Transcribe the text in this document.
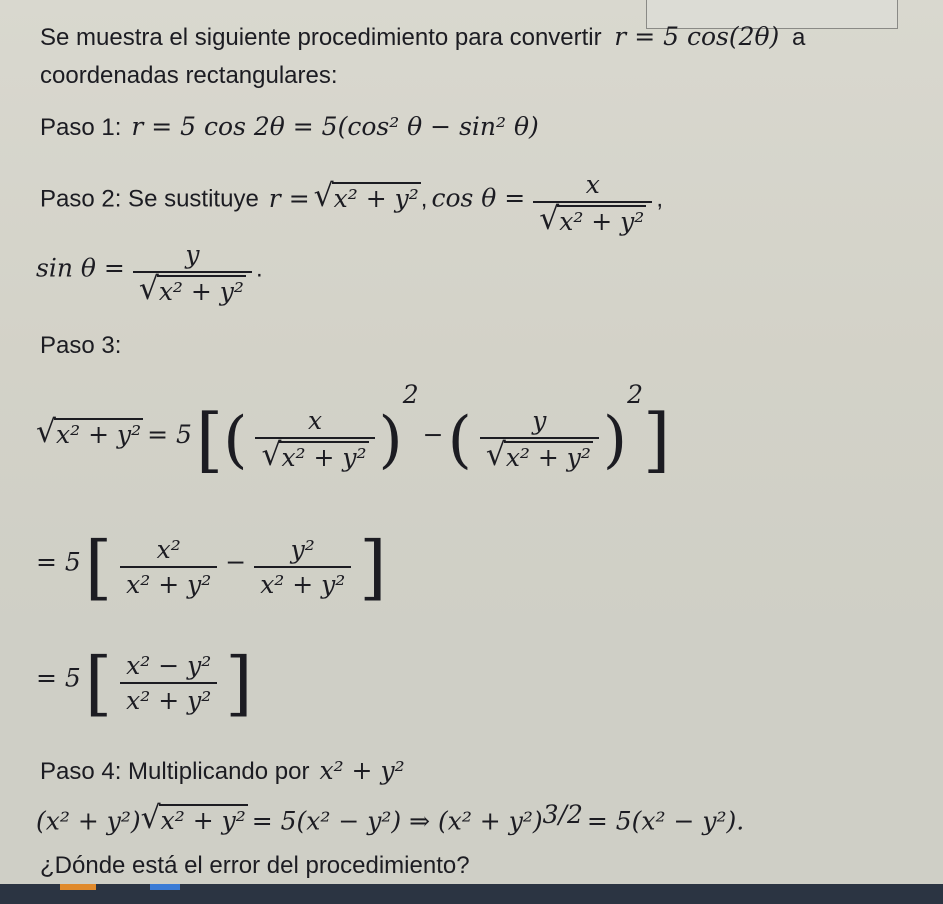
Se muestra el siguiente procedimiento para convertir r = 5 cos(2θ) a
coordenadas rectangulares:
Paso 1: r = 5 cos 2θ = 5(cos² θ − sin² θ)
Paso 2: Se sustituye r = √ x² + y², cos θ = x
√ x² + y² ,
sin θ = y
√ x² + y² .
Paso 3:
√ x² + y² = 5 [( x
√ x² + y² )$^2$ − ( y
√ x² + y² )$^2$]
= 5 [ $\frac{\text{x²}}{\text{x² + y²}} - \frac{\text{y²}}{\text{x² + y²}}$ ]
= 5 [ $\frac{\text{x² − y²}}{\text{x² + y²}}$ ]
Paso 4: Multiplicando por x² + y²
(x² + y²) √ x² + y² = 5(x² − y²) ⇒ $(x^2 + y^2)^{3/2} = 5(x^2 - y^2)$.
¿Dónde está el error del procedimiento?
